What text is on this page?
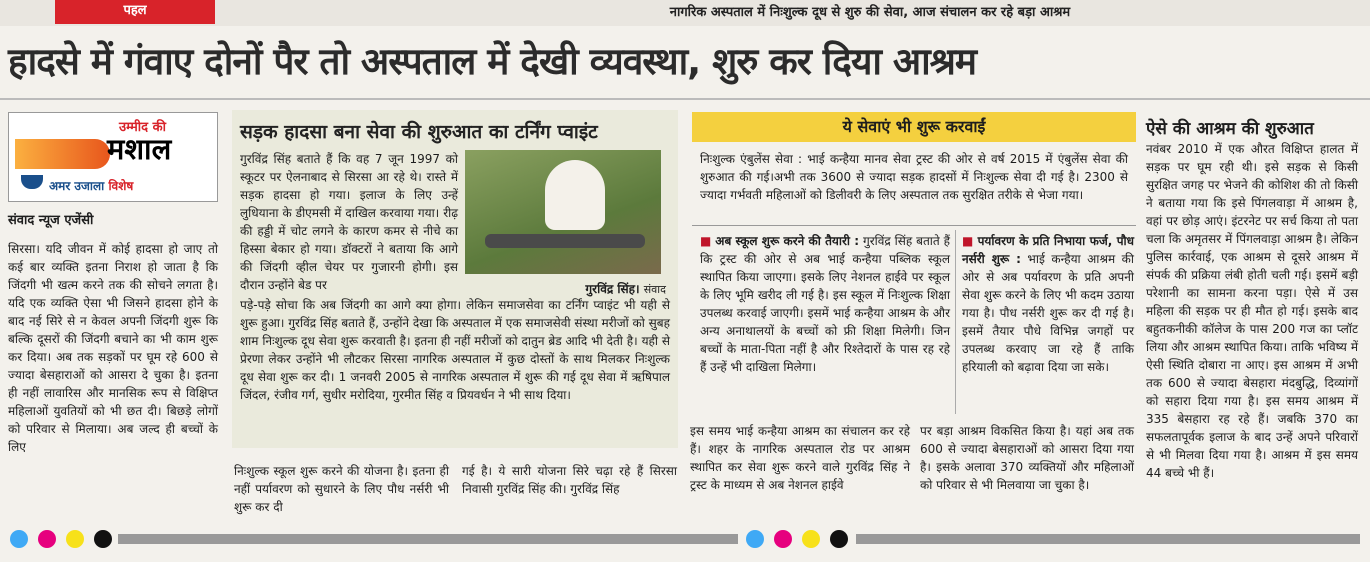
पहल	नागरिक अस्पताल में निःशुल्क दूध से शुरु की सेवा, आज संचालन कर रहे बड़ा आश्रम
हादसे में गंवाए दोनों पैर तो अस्पताल में देखी व्यवस्था, शुरु कर दिया आश्रम
उम्मीद की
मशाल
अमर उजाला विशेष
संवाद न्यूज एजेंसी
सिरसा। यदि जीवन में कोई हादसा हो जाए तो कई बार व्यक्ति इतना निराश हो जाता है कि जिंदगी भी खत्म करने तक की सोचने लगता है। यदि एक व्यक्ति ऐसा भी जिसने हादसा होने के बाद नई सिरे से न केवल अपनी जिंदगी शुरू कि बल्कि दूसरों की जिंदगी बचाने का भी काम शुरू कर दिया। अब तक सड़कों पर घूम रहे 600 से ज्यादा बेसहाराओं को आसरा दे चुका है। इतना ही नहीं लावारिस और मानसिक रूप से विक्षिप्त महिलाओं युवतियों को भी छत दी। बिछड़े लोगों को परिवार से मिलाया। अब जल्द ही बच्चों के लिए
सड़क हादसा बना सेवा की शुरुआत का टर्निंग प्वाइंट
गुरविंद्र सिंह बताते हैं कि वह 7 जून 1997 को स्कूटर पर ऐलनाबाद से सिरसा आ रहे थे। रास्ते में सड़क हादसा हो गया। इलाज के लिए उन्हें लुधियाना के डीएमसी में दाखिल करवाया गया। रीढ़ की हड्डी में चोट लगने के कारण कमर से नीचे का हिस्सा बेकार हो गया। डॉक्टरों ने बताया कि आगे की जिंदगी व्हील चेयर पर गुजारनी होगी। इस दौरान उन्होंने बेड पर	गुरविंद्र सिंह। संवाद
पड़े-पड़े सोचा कि अब जिंदगी का आगे क्या होगा। लेकिन समाजसेवा का टर्निंग प्वाइंट भी यही से शुरू हुआ। गुरविंद्र सिंह बताते हैं, उन्होंने देखा कि अस्पताल में एक समाजसेवी संस्था मरीजों को सुबह शाम निःशुल्क दूध सेवा शुरू करवाती है। इतना ही नहीं मरीजों को दातुन ब्रेड आदि भी देती है। यही से प्रेरणा लेकर उन्होंने भी लौटकर सिरसा नागरिक अस्पताल में कुछ दोस्तों के साथ मिलकर निःशुल्क दूध सेवा शुरू कर दी। 1 जनवरी 2005 से नागरिक अस्पताल में शुरू की गई दूध सेवा में ऋषिपाल जिंदल, रंजीव गर्ग, सुधीर मरोदिया, गुरमीत सिंह व प्रियवर्धन ने भी साथ दिया।
निःशुल्क स्कूल शुरू करने की योजना है। इतना ही नहीं पर्यावरण को सुधारने के लिए पौध नर्सरी भी शुरू कर दी
गई है। ये सारी योजना सिरे चढ़ा रहे हैं सिरसा निवासी गुरविंद्र सिंह की। गुरविंद्र सिंह
ये सेवाएं भी शुरू करवाईं
निःशुल्क एंबुलेंस सेवा : भाई कन्हैया मानव सेवा ट्रस्ट की ओर से वर्ष 2015 में एंबुलेंस सेवा की शुरुआत की गई।अभी तक 3600 से ज्यादा सड़क हादसों में निःशुल्क सेवा दी गई है। 2300 से ज्यादा गर्भवती महिलाओं को डिलीवरी के लिए अस्पताल तक सुरक्षित तरीके से भेजा गया।
■ अब स्कूल शुरू करने की तैयारी : गुरविंद्र सिंह बताते हैं कि ट्रस्ट की ओर से अब भाई कन्हैया पब्लिक स्कूल स्थापित किया जाएगा। इसके लिए नेशनल हाईवे पर स्कूल के लिए भूमि खरीद ली गई है। इस स्कूल में निःशुल्क शिक्षा उपलब्ध करवाई जाएगी। इसमें भाई कन्हैया आश्रम के और अन्य अनाथालयों के बच्चों को फ्री शिक्षा मिलेगी। जिन बच्चों के माता-पिता नहीं है और रिश्तेदारों के पास रह रहे हैं उन्हें भी दाखिला मिलेगा।
■ पर्यावरण के प्रति निभाया फर्ज, पौध नर्सरी शुरू : भाई कन्हैया आश्रम की ओर से अब पर्यावरण के प्रति अपनी सेवा शुरू करने के लिए भी कदम उठाया गया है। पौध नर्सरी शुरू कर दी गई है। इसमें तैयार पौधे विभिन्न जगहों पर उपलब्ध करवाए जा रहे हैं ताकि हरियाली को बढ़ावा दिया जा सके।
इस समय भाई कन्हैया आश्रम का संचालन कर रहे हैं। शहर के नागरिक अस्पताल रोड पर आश्रम स्थापित कर सेवा शुरू करने वाले गुरविंद्र सिंह ने ट्रस्ट के माध्यम से अब नेशनल हाईवे
पर बड़ा आश्रम विकसित किया है। यहां अब तक 600 से ज्यादा बेसहाराओं को आसरा दिया गया है। इसके अलावा 370 व्यक्तियों और महिलाओं को परिवार से भी मिलवाया जा चुका है।
ऐसे की आश्रम की शुरुआत
नवंबर 2010 में एक औरत विक्षिप्त हालत में सड़क पर घूम रही थी। इसे सड़क से किसी सुरक्षित जगह पर भेजने की कोशिश की तो किसी ने बताया गया कि इसे पिंगलवाड़ा में आश्रम है, वहां पर छोड़ आएं। इंटरनेट पर सर्च किया तो पता चला कि अमृतसर में पिंगलवाड़ा आश्रम है। लेकिन पुलिस कार्रवाई, एक आश्रम से दूसरे आश्रम में संपर्क की प्रक्रिया लंबी होती चली गई। इसमें बड़ी परेशानी का सामना करना पड़ा। ऐसे में उस महिला की सड़क पर ही मौत हो गई। इसके बाद बहुतकनीकी कॉलेज के पास 200 गज का प्लॉट लिया और आश्रम स्थापित किया। ताकि भविष्य में ऐसी स्थिति दोबारा ना आए। इस आश्रम में अभी तक 600 से ज्यादा बेसहारा मंदबुद्धि, दिव्यांगों को सहारा दिया गया है। इस समय आश्रम में 335 बेसहारा रह रहे हैं। जबकि 370 का सफलतापूर्वक इलाज के बाद उन्हें अपने परिवारों से भी मिलवा दिया गया है। आश्रम में इस समय 44 बच्चे भी हैं।
